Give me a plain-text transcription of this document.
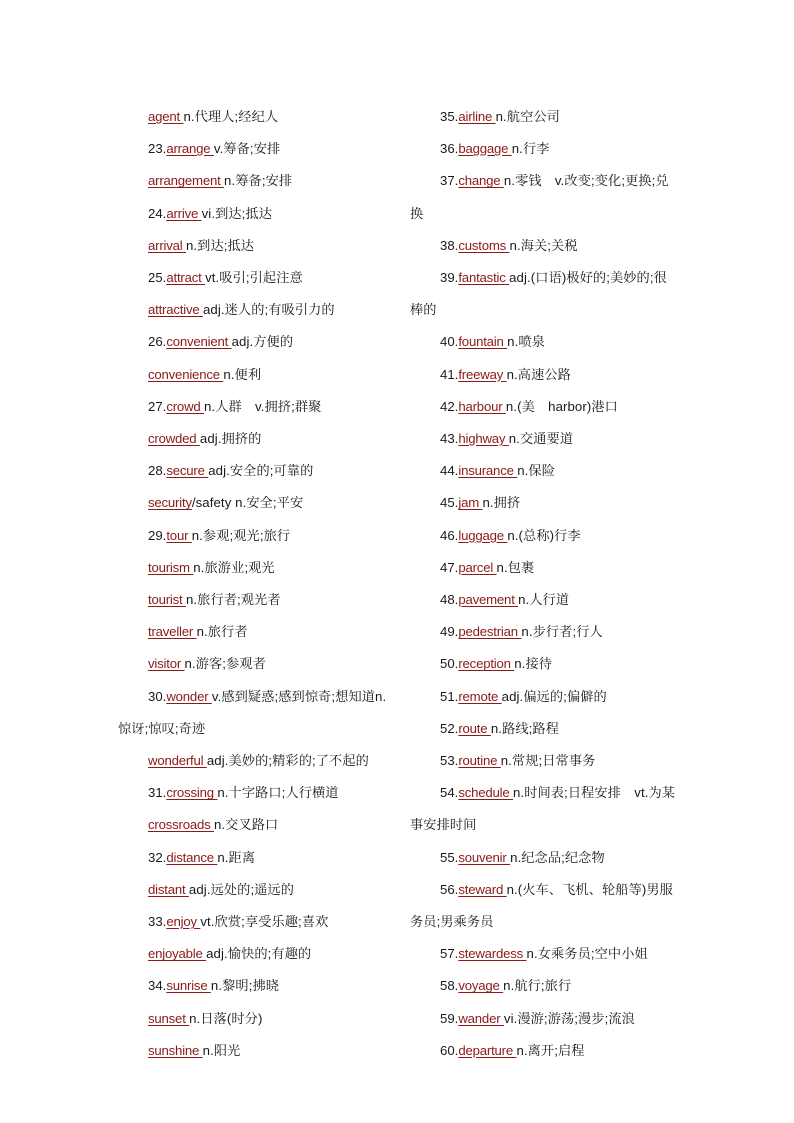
agent n.代理人;经纪人
23.arrange v.筹备;安排
arrangement n.筹备;安排
24.arrive vi.到达;抵达
arrival n.到达;抵达
25.attract vt.吸引;引起注意
attractive adj.迷人的;有吸引力的
26.convenient adj.方便的
convenience n.便利
27.crowd n.人群　v.拥挤;群聚
crowded adj.拥挤的
28.secure adj.安全的;可靠的
security/safety n.安全;平安
29.tour n.参观;观光;旅行
tourism n.旅游业;观光
tourist n.旅行者;观光者
traveller n.旅行者
visitor n.游客;参观者
30.wonder v.感到疑惑;感到惊奇;想知道n.惊讶;惊叹;奇迹
wonderful adj.美妙的;精彩的;了不起的
31.crossing n.十字路口;人行横道
crossroads n.交叉路口
32.distance n.距离
distant adj.远处的;遥远的
33.enjoy vt.欣赏;享受乐趣;喜欢
enjoyable adj.愉快的;有趣的
34.sunrise n.黎明;拂晓
sunset n.日落(时分)
sunshine n.阳光
35.airline n.航空公司
36.baggage n.行李
37.change n.零钱　v.改变;变化;更换;兑换
38.customs n.海关;关税
39.fantastic adj.(口语)极好的;美妙的;很棒的
40.fountain n.喷泉
41.freeway n.高速公路
42.harbour n.(美　harbor)港口
43.highway n.交通要道
44.insurance n.保险
45.jam n.拥挤
46.luggage n.(总称)行李
47.parcel n.包裹
48.pavement n.人行道
49.pedestrian n.步行者;行人
50.reception n.接待
51.remote adj.偏远的;偏僻的
52.route n.路线;路程
53.routine n.常规;日常事务
54.schedule n.时间表;日程安排　vt.为某事安排时间
55.souvenir n.纪念品;纪念物
56.steward n.(火车、飞机、轮船等)男服务员;男乘务员
57.stewardess n.女乘务员;空中小姐
58.voyage n.航行;旅行
59.wander vi.漫游;游荡;漫步;流浪
60.departure n.离开;启程
